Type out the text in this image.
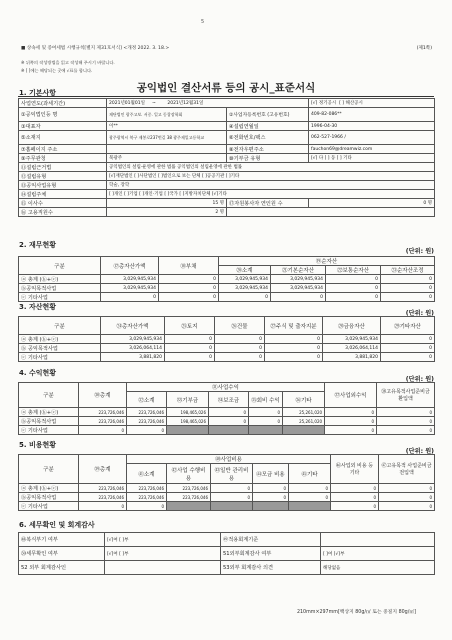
5
■ 상속세 및 증여세법 시행규칙[별지 제31호서식] <개정 2022. 3. 18.>	(제1쪽)
※ 뒤쪽의 작성방법을 읽고 작성해 주시기 바랍니다.
※ [ ]에는 해당되는 곳에 √표를 합니다.
공익법인 결산서류 등의 공시_표준서식
1. 기본사항
사업연도(과세기간)	2021년01월01일 ~ 2021년12월31일		[√] 정기공시 [ ] 해산공시
①공익법인등 명	재단법인 광주고보. 서중. 일고 동창장학회	②사업자등록번호 (고유번호)	409-82-086**
③대표자	이**	④설립연월일	1996-04-30
⑤소재지	광주광역시 북구 제봉로237번길 38 광주제일고등학교	⑥전화번호/팩스	062-527-1966 /
⑦홈페이지 주소		⑧전자우편주소	fauchon69@dreamwiz.com
⑨주무관청	북광주	⑩기부금 유형	[√] 다 [ ] 동 [ ] 기타
⑪설립근거법	공익법인의 설립·운영에 관한 법률 공익법인의 설립운영에 관한 법률		
⑫설립유형	[√]재단법인 [ ]사단법인 [ ]법인으로 보는 단체 [ ]공공기관 [ ]기타		
⑬공익사업유형	학술, 장학		
⑭설립주체	[ ]개인 [ ]기업 [ ]개인·기업 [ ]국가 [ ]지방자치단체 [√]기타		
⑮ 이사수	15 명	⑰자원봉사자 연인원 수	0 명
⑯ 고용직원수	2 명		
2. 재무현황
(단위: 원)
구분	⑰총자산가액	⑱부채	⑲순자산			
			⑳소계	㉑기본순자산	㉒보통순자산	㉓순자산조정
ⓐ 총계 (ⓑ+ⓒ)	3,029,945,934	0	3,029,945,934	3,029,945,934	0	0
ⓑ공익목적사업	3,029,945,934	0	3,029,945,934	3,029,945,934	0	0
ⓒ 기타사업	0	0	0	0	0	0
3. 자산현황
(단위: 원)
구분	㉔총자산가액	㉕토지	㉖건물	㉗주식 및 출자지분	㉘금융자산	㉙기타자산
ⓐ 총계 (ⓑ+ⓒ)	3,029,945,934	0	0	0	3,029,945,934	0
ⓑ 공익목적사업	3,026,064,114	0	0	0	3,026,064,114	0
ⓒ 기타사업	3,881,820	0	0	0	3,881,820	0
4. 수익현황
(단위: 원)
구분	㉚총계	㉛사업수익					㊲사업외수익	㊳고유목적사업준비금 환입액
		㉜소계	㉝기부금	㉞보조금	㉟회비 수익	㊱기타		
ⓐ 총계 (ⓑ+ⓒ)	223,726,046	223,726,046	198,465,026	0	0	25,261,020	0	0
ⓑ공익목적사업	223,726,046	223,726,046	198,465,026	0	0	25,261,020	0	0
ⓒ 기타사업	0	0					0	0
5. 비용현황
(단위: 원)
구분	㊴총계	㊵사업비용					㊻사업외 비용 등 기타	㊼고유목적 사업준비금전입액
		㊶소계	㊷사업 수행비용	㊸일반 관리비용	㊹모금 비용	㊺기타		
ⓐ 총계 (ⓑ+ⓒ)	223,726,046	223,726,046	223,726,046	0	0	0	0	0
ⓑ공익목적사업	223,726,046	223,726,046	223,726,046	0	0	0	0	0
ⓒ 기타사업	0	0					0	0
6. 세무확인 및 회계감사
㊽복식부기 여부	[√]여 [ ]부	㊾적용회계기준	
㊿세무확인 여부	[√]여 [ ]부	51외부회계감사 여부	[ ]여 [√]부
52 외부 회계감사인		53외부 회계감사 의견	해당없음
210mm×297mm[백상지 80g/㎡ 또는 중질지 80g/㎡]
